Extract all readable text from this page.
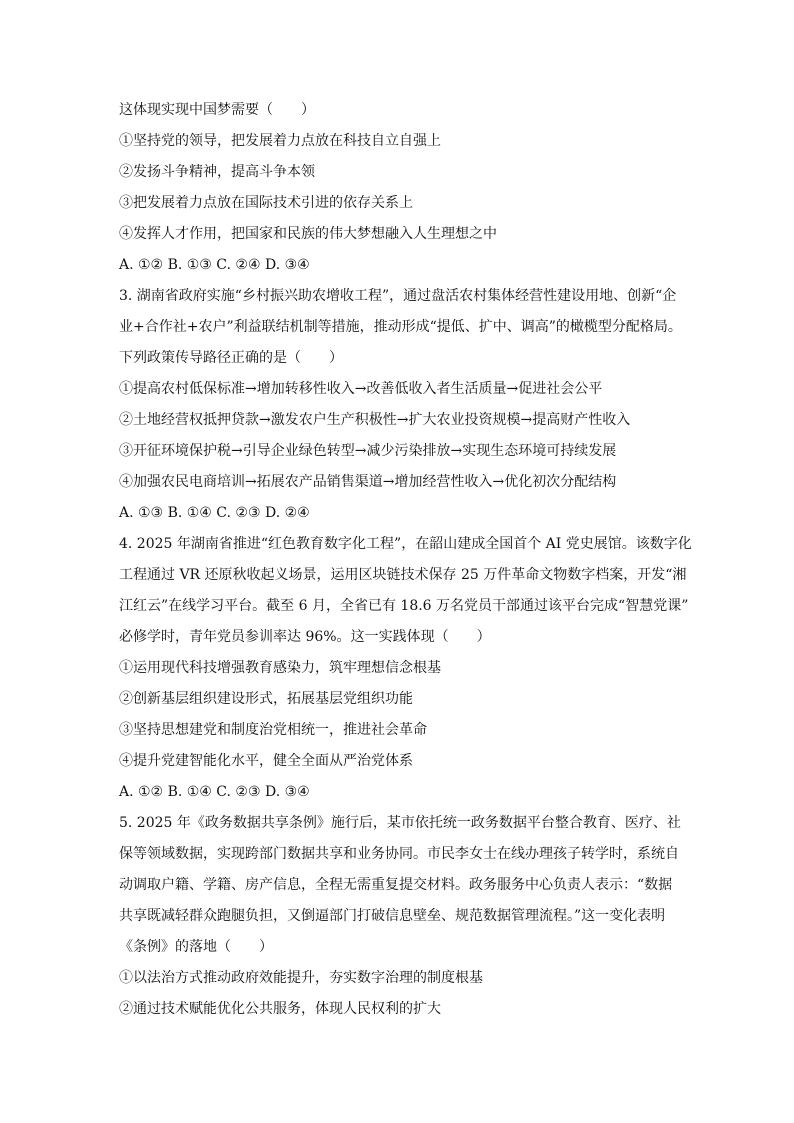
这体现实现中国梦需要（　　）

①坚持党的领导，把发展着力点放在科技自立自强上

②发扬斗争精神，提高斗争本领

③把发展着力点放在国际技术引进的依存关系上

④发挥人才作用，把国家和民族的伟大梦想融入人生理想之中

A. ①② B. ①③ C. ②④ D. ③④

3. 湖南省政府实施“乡村振兴助农增收工程”，通过盘活农村集体经营性建设用地、创新“企

业+合作社+农户”利益联结机制等措施，推动形成“提低、扩中、调高”的橄榄型分配格局。

下列政策传导路径正确的是（　　）

①提高农村低保标准→增加转移性收入→改善低收入者生活质量→促进社会公平

②土地经营权抵押贷款→激发农户生产积极性→扩大农业投资规模→提高财产性收入

③开征环境保护税→引导企业绿色转型→减少污染排放→实现生态环境可持续发展

④加强农民电商培训→拓展农产品销售渠道→增加经营性收入→优化初次分配结构

A. ①③ B. ①④ C. ②③ D. ②④

4. 2025 年湖南省推进“红色教育数字化工程”，在韶山建成全国首个 AI 党史展馆。该数字化

工程通过 VR 还原秋收起义场景，运用区块链技术保存 25 万件革命文物数字档案，开发“湘

江红云”在线学习平台。截至 6 月，全省已有 18.6 万名党员干部通过该平台完成“智慧党课”

必修学时，青年党员参训率达 96%。这一实践体现（　　）

①运用现代科技增强教育感染力，筑牢理想信念根基

②创新基层组织建设形式，拓展基层党组织功能

③坚持思想建党和制度治党相统一，推进社会革命

④提升党建智能化水平，健全全面从严治党体系

A. ①② B. ①④ C. ②③ D. ③④

5. 2025 年《政务数据共享条例》施行后，某市依托统一政务数据平台整合教育、医疗、社

保等领域数据，实现跨部门数据共享和业务协同。市民李女士在线办理孩子转学时，系统自

动调取户籍、学籍、房产信息，全程无需重复提交材料。政务服务中心负责人表示：“数据

共享既减轻群众跑腿负担，又倒逼部门打破信息壁垒、规范数据管理流程。”这一变化表明

《条例》的落地（　　）

①以法治方式推动政府效能提升，夯实数字治理的制度根基

②通过技术赋能优化公共服务，体现人民权利的扩大
